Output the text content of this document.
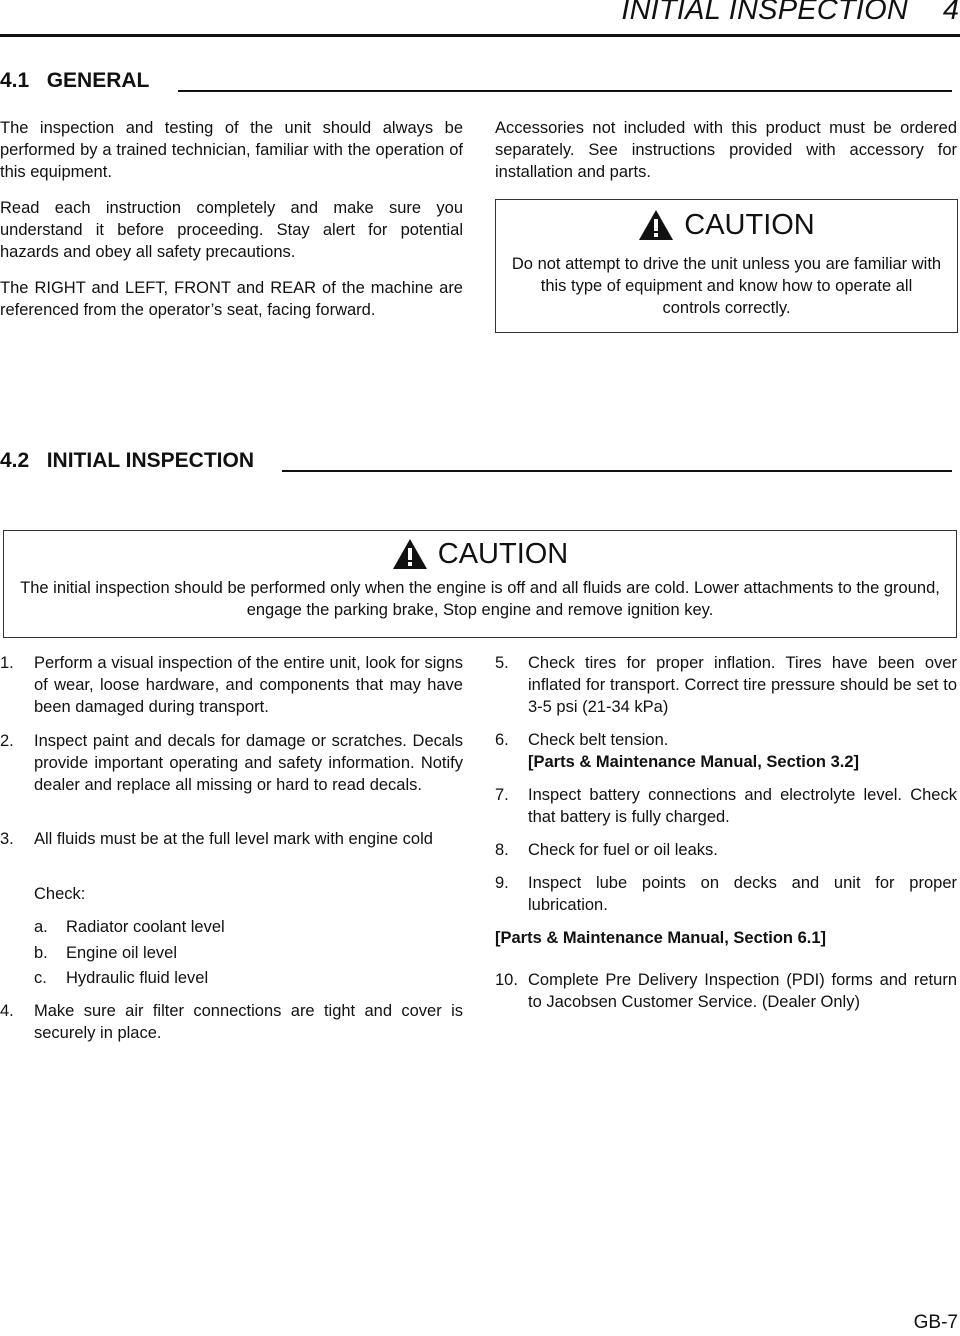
INITIAL INSPECTION 4
4.1   GENERAL
The inspection and testing of the unit should always be performed by a trained technician, familiar with the operation of this equipment.
Read each instruction completely and make sure you understand it before proceeding. Stay alert for potential hazards and obey all safety precautions.
The RIGHT and LEFT, FRONT and REAR of the machine are referenced from the operator’s seat, facing forward.
Accessories not included with this product must be ordered separately. See instructions provided with accessory for installation and parts.
CAUTION
Do not attempt to drive the unit unless you are familiar with this type of equipment and know how to operate all controls correctly.
4.2   INITIAL INSPECTION
CAUTION
The initial inspection should be performed only when the engine is off and all fluids are cold. Lower attachments to the ground, engage the parking brake, Stop engine and remove ignition key.
1. Perform a visual inspection of the entire unit, look for signs of wear, loose hardware, and components that may have been damaged during transport.
2. Inspect paint and decals for damage or scratches. Decals provide important operating and safety information. Notify dealer and replace all missing or hard to read decals.
3. All fluids must be at the full level mark with engine cold
Check:
a. Radiator coolant level
b. Engine oil level
c. Hydraulic fluid level
4. Make sure air filter connections are tight and cover is securely in place.
5. Check tires for proper inflation. Tires have been over inflated for transport. Correct tire pressure should be set to 3-5 psi (21-34 kPa)
6. Check belt tension.
[Parts & Maintenance Manual, Section 3.2]
7. Inspect battery connections and electrolyte level. Check that battery is fully charged.
8. Check for fuel or oil leaks.
9. Inspect lube points on decks and unit for proper lubrication.
[Parts & Maintenance Manual, Section 6.1]
10. Complete Pre Delivery Inspection (PDI) forms and return to Jacobsen Customer Service. (Dealer Only)
GB-7
